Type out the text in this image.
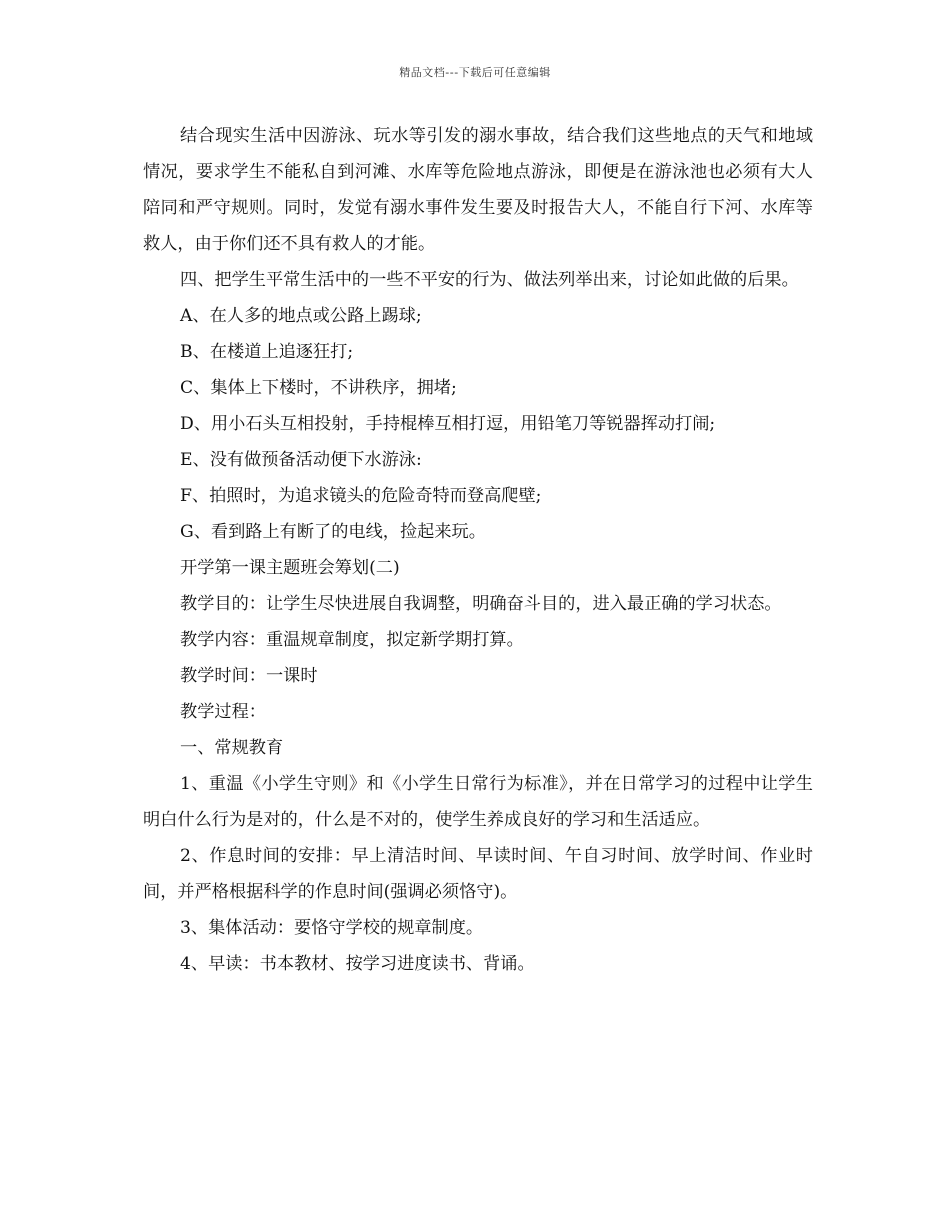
精品文档---下载后可任意编辑

结合现实生活中因游泳、玩水等引发的溺水事故，结合我们这些地点的天气和地域情况，要求学生不能私自到河滩、水库等危险地点游泳，即便是在游泳池也必须有大人陪同和严守规则。同时，发觉有溺水事件发生要及时报告大人，不能自行下河、水库等救人，由于你们还不具有救人的才能。

四、把学生平常生活中的一些不平安的行为、做法列举出来，讨论如此做的后果。

A、在人多的地点或公路上踢球;

B、在楼道上追逐狂打;

C、集体上下楼时，不讲秩序，拥堵;

D、用小石头互相投射，手持棍棒互相打逗，用铅笔刀等锐器挥动打闹;

E、没有做预备活动便下水游泳:

F、拍照时，为追求镜头的危险奇特而登高爬壁;

G、看到路上有断了的电线，捡起来玩。

开学第一课主题班会筹划(二)

教学目的：让学生尽快进展自我调整，明确奋斗目的，进入最正确的学习状态。

教学内容：重温规章制度，拟定新学期打算。

教学时间：一课时

教学过程：

一、常规教育

1、重温《小学生守则》和《小学生日常行为标准》，并在日常学习的过程中让学生明白什么行为是对的，什么是不对的，使学生养成良好的学习和生活适应。

2、作息时间的安排：早上清洁时间、早读时间、午自习时间、放学时间、作业时间，并严格根据科学的作息时间(强调必须恪守)。

3、集体活动：要恪守学校的规章制度。

4、早读：书本教材、按学习进度读书、背诵。
